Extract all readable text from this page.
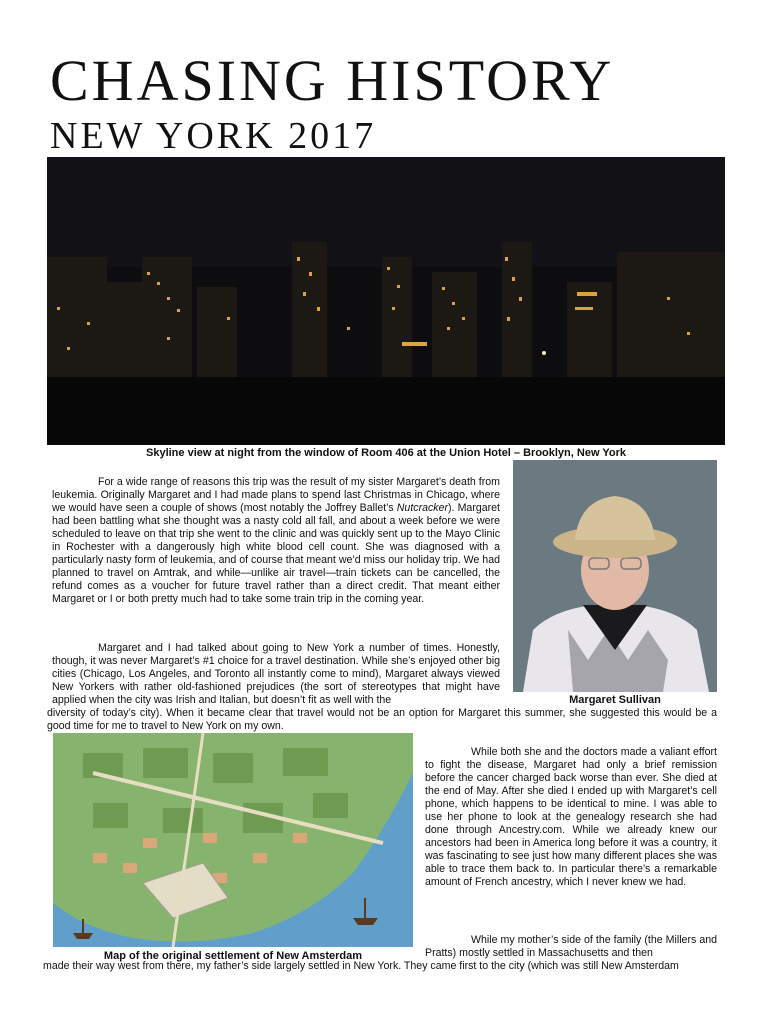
CHASING HISTORY
NEW YORK 2017
Skyline view at night from the window of Room 406 at the Union Hotel – Brooklyn, New York
Margaret Sullivan
Map of the original settlement of New Amsterdam

For a wide range of reasons this trip was the result of my sister Margaret’s death from leukemia. Originally Margaret and I had made plans to spend last Christmas in Chicago, where we would have seen a couple of shows (most notably the Joffrey Ballet’s Nutcracker). Margaret had been battling what she thought was a nasty cold all fall, and about a week before we were scheduled to leave on that trip she went to the clinic and was quickly sent up to the Mayo Clinic in Rochester with a dangerously high white blood cell count. She was diagnosed with a particularly nasty form of leukemia, and of course that meant we’d miss our holiday trip. We had planned to travel on Amtrak, and while—unlike air travel—train tickets can be cancelled, the refund comes as a voucher for future travel rather than a direct credit. That meant either Margaret or I or both pretty much had to take some train trip in the coming year.

Margaret and I had talked about going to New York a number of times. Honestly, though, it was never Margaret’s #1 choice for a travel destination. While she’s enjoyed other big cities (Chicago, Los Angeles, and Toronto all instantly come to mind), Margaret always viewed New Yorkers with rather old-fashioned prejudices (the sort of stereotypes that might have applied when the city was Irish and Italian, but doesn’t fit as well with the

diversity of today’s city). When it became clear that travel would not be an option for Margaret this summer, she suggested this would be a good time for me to travel to New York on my own.

While both she and the doctors made a valiant effort to fight the disease, Margaret had only a brief remission before the cancer charged back worse than ever. She died at the end of May. After she died I ended up with Margaret’s cell phone, which happens to be identical to mine. I was able to use her phone to look at the genealogy research she had done through Ancestry.com. While we already knew our ancestors had been in America long before it was a country, it was fascinating to see just how many different places she was able to trace them back to. In particular there’s a remarkable amount of French ancestry, which I never knew we had.

While my mother’s side of the family (the Millers and Pratts) mostly settled in Massachusetts and then

made their way west from there, my father’s side largely settled in New York. They came first to the city (which was still New Amsterdam
